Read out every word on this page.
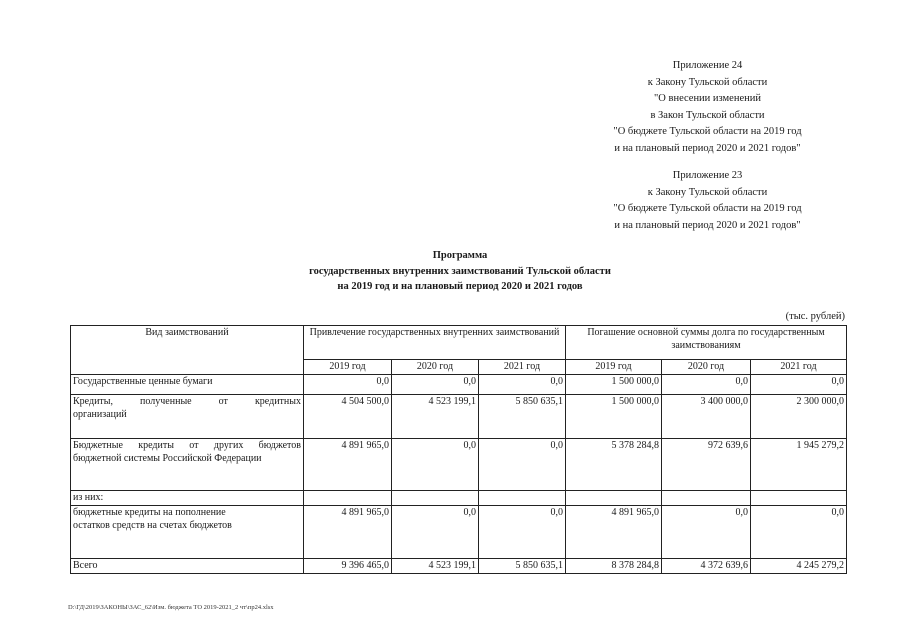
Приложение 24
к Закону Тульской области
"О внесении изменений
в Закон Тульской области
"О бюджете Тульской области на 2019 год
и на плановый период 2020 и 2021 годов"
Приложение 23
к Закону Тульской области
"О бюджете Тульской области на 2019 год
и на плановый период 2020 и 2021 годов"
Программа
государственных внутренних заимствований Тульской области
на 2019 год и на плановый период 2020 и 2021 годов
(тыс. рублей)
Вид заимствований	Привлечение государственных внутренних заимствований			Погашение основной суммы долга по государственным заимствованиям		
	2019 год	2020 год	2021 год	2019 год	2020 год	2021 год
Государственные ценные бумаги	0,0	0,0	0,0	1 500 000,0	0,0	0,0

Кредиты, полученные от кредитных
организаций	4 504 500,0	4 523 199,1	5 850 635,1	1 500 000,0	3 400 000,0	2 300 000,0

Бюджетные кредиты от других бюджетов
бюджетной системы Российской Федерации	4 891 965,0	0,0	0,0	5 378 284,8	972 639,6	1 945 279,2
из них:						

бюджетные кредиты на пополнение
остатков средств на счетах бюджетов	4 891 965,0	0,0	0,0	4 891 965,0	0,0	0,0
Всего	9 396 465,0	4 523 199,1	5 850 635,1	8 378 284,8	4 372 639,6	4 245 279,2
D:\ГД\2019\ЗАКОНЫ\ЗАС_62\Изм. бюджета ТО 2019-2021_2 чт\пр24.xlsx
